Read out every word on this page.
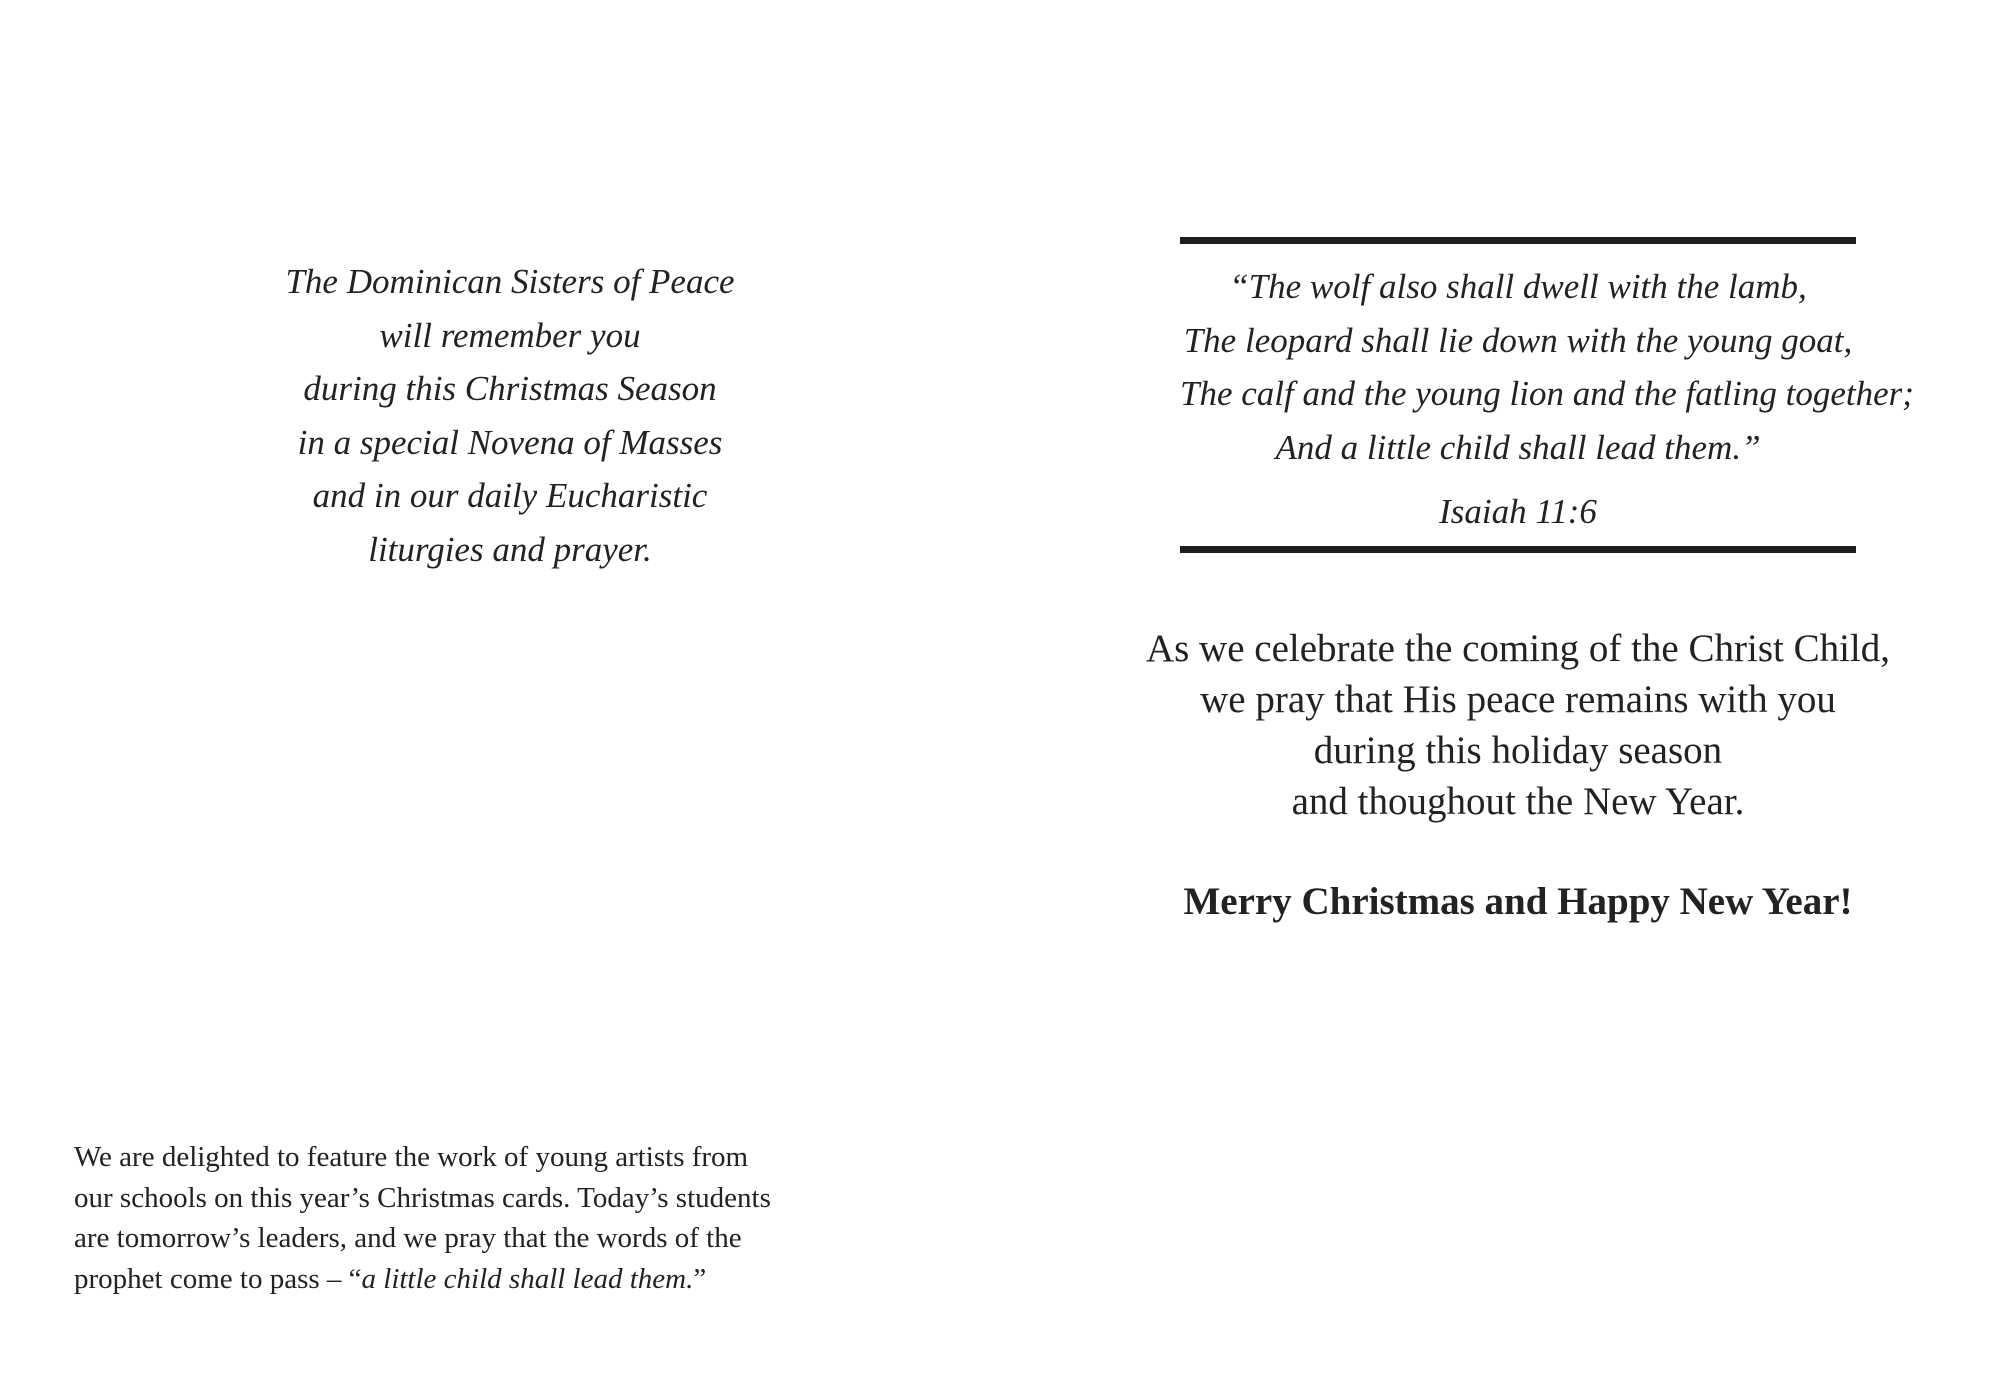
The Dominican Sisters of Peace
will remember you
during this Christmas Season
in a special Novena of Masses
and in our daily Eucharistic
liturgies and prayer.
“The wolf also shall dwell with the lamb,
The leopard shall lie down with the young goat,
The calf and the young lion and the fatling together;
And a little child shall lead them.”
Isaiah 11:6
As we celebrate the coming of the Christ Child,
we pray that His peace remains with you
during this holiday season
and thoughout the New Year.
Merry Christmas and Happy New Year!
We are delighted to feature the work of young artists from
our schools on this year’s Christmas cards. Today’s students
are tomorrow’s leaders, and we pray that the words of the
prophet come to pass – “a little child shall lead them.”
